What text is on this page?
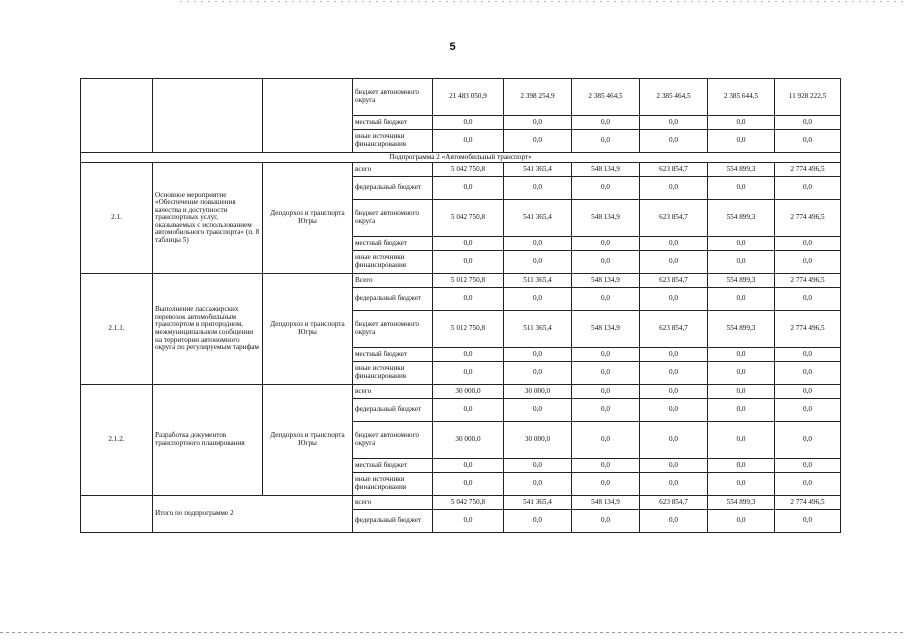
5
			бюджет автономного округа	21 483 050,9	2 398 254,9	2 385 464,5	2 385 464,5	2 385 644,5	11 928 222,5
			местный бюджет	0,0	0,0	0,0	0,0	0,0	0,0
			иные источники финансирования	0,0	0,0	0,0	0,0	0,0	0,0
Подпрограмма 2 «Автомобильный транспорт»									
2.1.	Основное мероприятие «Обеспечение повышения качества и доступности транспортных услуг, оказываемых с использованием автомобильного транспорта» (п. 8 таблицы 5)	Депдорхоз и транспорта Югры	всего	5 042 750,8	541 365,4	548 134,9	623 854,7	554 899,3	2 774 496,5
			федеральный бюджет	0,0	0,0	0,0	0,0	0,0	0,0
			бюджет автономного округа	5 042 750,8	541 365,4	548 134,9	623 854,7	554 899,3	2 774 496,5
			местный бюджет	0,0	0,0	0,0	0,0	0,0	0,0
			иные источники финансирования	0,0	0,0	0,0	0,0	0,0	0,0
2.1.1.	Выполнение пассажирских перевозок автомобильным транспортом в пригородном, межмуниципальном сообщении на территории автономного округа по регулируемым тарифам	Депдорхоз и транспорта Югры	Всего	5 012 750,8	511 365,4	548 134,9	623 854,7	554 899,3	2 774 496,5
			федеральный бюджет	0,0	0,0	0,0	0,0	0,0	0,0
			бюджет автономного округа	5 012 750,8	511 365,4	548 134,9	623 854,7	554 899,3	2 774 496,5
			местный бюджет	0,0	0,0	0,0	0,0	0,0	0,0
			иные источники финансирования	0,0	0,0	0,0	0,0	0,0	0,0
2.1.2.	Разработка документов транспортного планирования	Депдорхоз и транспорта Югры	всего	30 000,0	30 000,0	0,0	0,0	0,0	0,0
			федеральный бюджет	0,0	0,0	0,0	0,0	0,0	0,0
			бюджет автономного округа	30 000,0	30 000,0	0,0	0,0	0,0	0,0
			местный бюджет	0,0	0,0	0,0	0,0	0,0	0,0
			иные источники финансирования	0,0	0,0	0,0	0,0	0,0	0,0
	Итого по подпрограмме 2		всего	5 042 750,8	541 365,4	548 134,9	623 854,7	554 899,3	2 774 496,5
			федеральный бюджет	0,0	0,0	0,0	0,0	0,0	0,0
